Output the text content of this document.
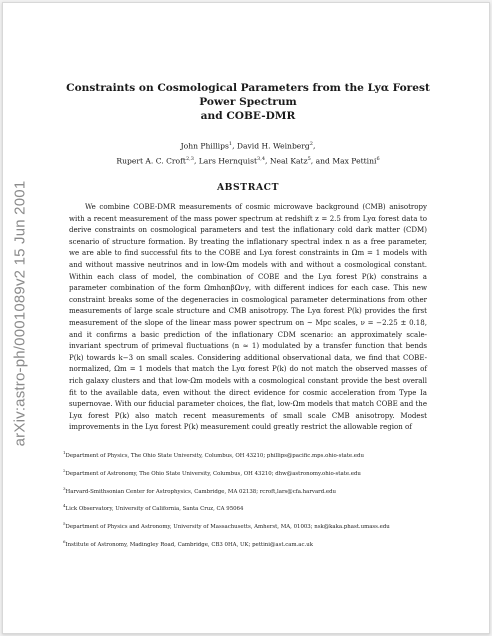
arXiv:astro-ph/0001089v2 15 Jun 2001
Constraints on Cosmological Parameters from the Lyα Forest Power Spectrum
and COBE-DMR
John Phillips$^1$, David H. Weinberg$^2$,
Rupert A. C. Croft$^{2,3}$, Lars Hernquist$^{3,4}$, Neal Katz$^5$, and Max Pettini$^6$
ABSTRACT

We combine COBE-DMR measurements of cosmic microwave background (CMB) anisotropy with a recent measurement of the mass power spectrum at redshift z = 2.5 from Lyα forest data to derive constraints on cosmological parameters and test the inflationary cold dark matter (CDM) scenario of structure formation. By treating the inflationary spectral index n as a free parameter, we are able to find successful fits to the COBE and Lyα forest constraints in Ωm = 1 models with and without massive neutrinos and in low-Ωm models with and without a cosmological constant. Within each class of model, the combination of COBE and the Lyα forest P(k) constrains a parameter combination of the form ΩmhαnβΩνγ, with different indices for each case. This new constraint breaks some of the degeneracies in cosmological parameter determinations from other measurements of large scale structure and CMB anisotropy. The Lyα forest P(k) provides the first measurement of the slope of the linear mass power spectrum on ~ Mpc scales, ν = −2.25 ± 0.18, and it confirms a basic prediction of the inflationary CDM scenario: an approximately scale-invariant spectrum of primeval fluctuations (n ≈ 1) modulated by a transfer function that bends P(k) towards k−3 on small scales. Considering additional observational data, we find that COBE-normalized, Ωm = 1 models that match the Lyα forest P(k) do not match the observed masses of rich galaxy clusters and that low-Ωm models with a cosmological constant provide the best overall fit to the available data, even without the direct evidence for cosmic acceleration from Type Ia supernovae. With our fiducial parameter choices, the flat, low-Ωm models that match COBE and the Lyα forest P(k) also match recent measurements of small scale CMB anisotropy. Modest improvements in the Lyα forest P(k) measurement could greatly restrict the allowable region of

$^1$Department of Physics, The Ohio State University, Columbus, OH 43210; phillips@pacific.mps.ohio-state.edu

$^2$Department of Astronomy, The Ohio State University, Columbus, OH 43210; dhw@astronomy.ohio-state.edu

$^3$Harvard-Smithsonian Center for Astrophysics, Cambridge, MA 02138; rcroft,lars@cfa.harvard.edu

$^4$Lick Observatory, University of California, Santa Cruz, CA 95064

$^5$Department of Physics and Astronomy, University of Massachusetts, Amherst, MA, 01003; nsk@kaka.phast.umass.edu

$^6$Institute of Astronomy, Madingley Road, Cambridge, CB3 0HA, UK; pettini@ast.cam.ac.uk
